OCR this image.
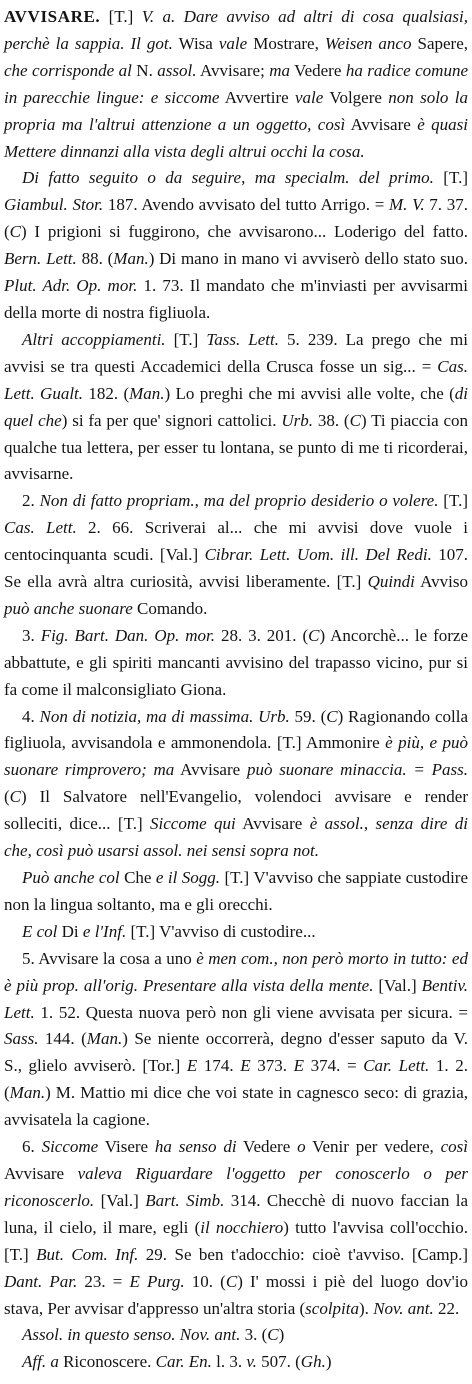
AVVISARE. [T.] V. a. Dare avviso ad altri di cosa qualsiasi, perchè la sappia. Il got. Wisa vale Mostrare, Weisen anco Sapere, che corrisponde al N. assol. Avvisare; ma Vedere ha radice comune in parecchie lingue: e siccome Avvertire vale Volgere non solo la propria ma l'altrui attenzione a un oggetto, così Avvisare è quasi Mettere dinnanzi alla vista degli altrui occhi la cosa.

Di fatto seguito o da seguire, ma specialm. del primo. [T.] Giambul. Stor. 187. Avendo avvisato del tutto Arrigo. = M. V. 7. 37. (C) I prigioni si fuggirono, che avvisarono... Loderigo del fatto. Bern. Lett. 88. (Man.) Di mano in mano vi avviserò dello stato suo. Plut. Adr. Op. mor. 1. 73. Il mandato che m'inviasti per avvisarmi della morte di nostra figliuola.

Altri accoppiamenti. [T.] Tass. Lett. 5. 239. La prego che mi avvisi se tra questi Accademici della Crusca fosse un sig... = Cas. Lett. Gualt. 182. (Man.) Lo preghi che mi avvisi alle volte, che (di quel che) si fa per que' signori cattolici. Urb. 38. (C) Ti piaccia con qualche tua lettera, per esser tu lontana, se punto di me ti ricorderai, avvisarne.

2. Non di fatto propriam., ma del proprio desiderio o volere. [T.] Cas. Lett. 2. 66. Scriverai al... che mi avvisi dove vuole i centocinquanta scudi. [Val.] Cibrar. Lett. Uom. ill. Del Redi. 107. Se ella avrà altra curiosità, avvisi liberamente. [T.] Quindi Avviso può anche suonare Comando.

3. Fig. Bart. Dan. Op. mor. 28. 3. 201. (C) Ancorchè... le forze abbattute, e gli spiriti mancanti avvisino del trapasso vicino, pur si fa come il malconsigliato Giona.

4. Non di notizia, ma di massima. Urb. 59. (C) Ragionando colla figliuola, avvisandola e ammonendola. [T.] Ammonire è più, e può suonare rimprovero; ma Avvisare può suonare minaccia. = Pass. (C) Il Salvatore nell'Evangelio, volendoci avvisare e render solleciti, dice... [T.] Siccome qui Avvisare è assol., senza dire di che, così può usarsi assol. nei sensi sopra not.

Può anche col Che e il Sogg. [T.] V'avviso che sappiate custodire non la lingua soltanto, ma e gli orecchi.

E col Di e l'Inf. [T.] V'avviso di custodire...

5. Avvisare la cosa a uno è men com., non però morto in tutto: ed è più prop. all'orig. Presentare alla vista della mente. [Val.] Bentiv. Lett. 1. 52. Questa nuova però non gli viene avvisata per sicura. = Sass. 144. (Man.) Se niente occorrerà, degno d'esser saputo da V. S., glielo avviserò. [Tor.] E 174. E 373. E 374. = Car. Lett. 1. 2. (Man.) M. Mattio mi dice che voi state in cagnesco seco: di grazia, avvisatela la cagione.

6. Siccome Visere ha senso di Vedere o Venir per vedere, così Avvisare valeva Riguardare l'oggetto per conoscerlo o per riconoscerlo. [Val.] Bart. Simb. 314. Checchè di nuovo faccian la luna, il cielo, il mare, egli (il nocchiero) tutto l'avvisa coll'occhio. [T.] But. Com. Inf. 29. Se ben t'adocchio: cioè t'avviso. [Camp.] Dant. Par. 23. = E Purg. 10. (C) I' mossi i piè del luogo dov'io stava, Per avvisar d'appresso un'altra storia (scolpita). Nov. ant. 22.

Assol. in questo senso. Nov. ant. 3. (C)

Aff. a Riconoscere. Car. En. l. 3. v. 507. (Gh.)
